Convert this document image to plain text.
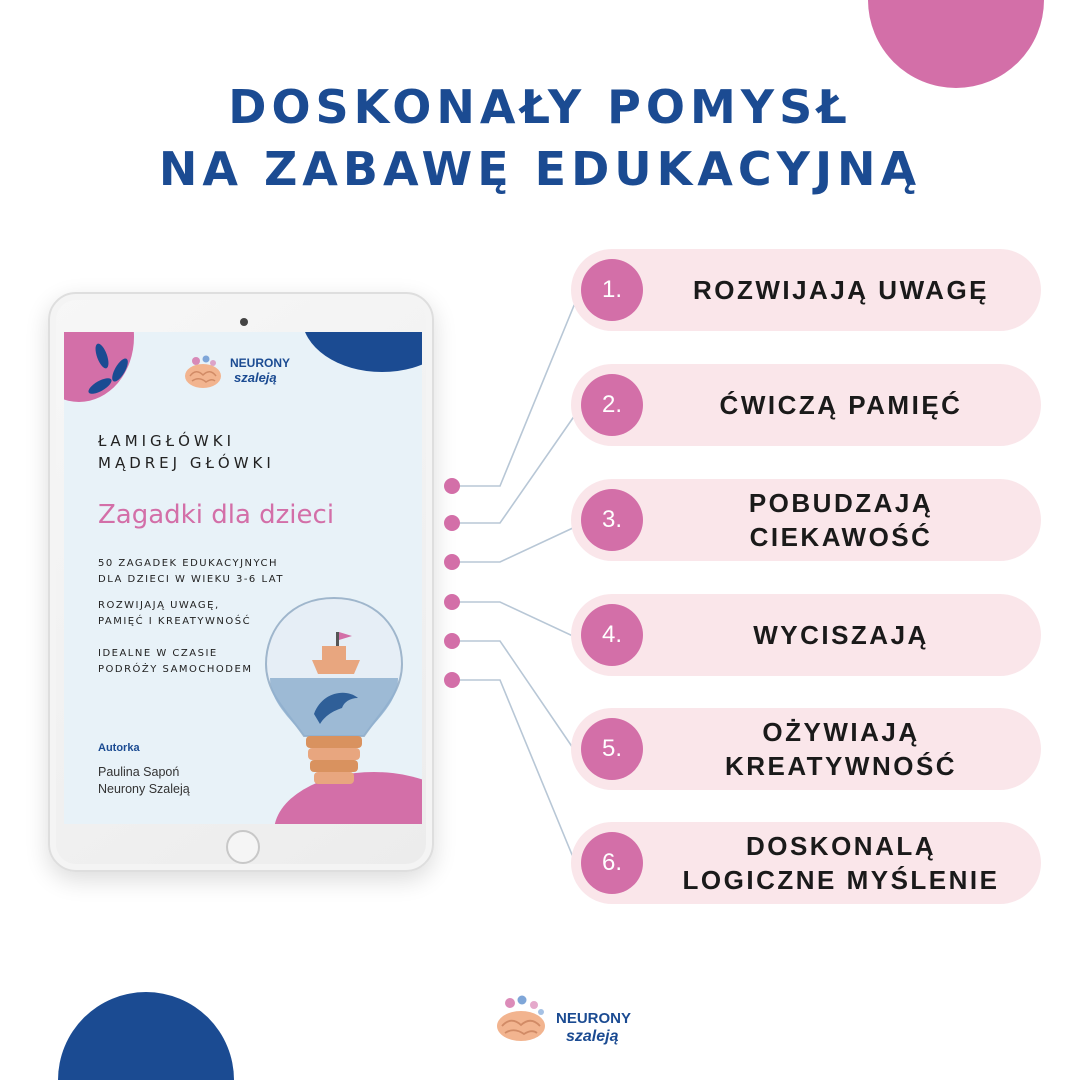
DOSKONAŁY POMYSŁ
NA ZABAWĘ EDUKACYJNĄ
NEURONY
szaleją
ŁAMIGŁÓWKI
MĄDREJ GŁÓWKI
Zagadki dla dzieci
50 ZAGADEK EDUKACYJNYCH
DLA DZIECI W WIEKU 3-6 LAT
ROZWIJAJĄ UWAGĘ,
PAMIĘĆ I KREATYWNOŚĆ
IDEALNE W CZASIE
PODRÓŻY SAMOCHODEM
Autorka
Paulina Sapoń
Neurony Szaleją
1.	ROZWIJAJĄ UWAGĘ
2.	ĆWICZĄ PAMIĘĆ
3.
POBUDZAJĄ
CIEKAWOŚĆ
4.	WYCISZAJĄ
5.
OŻYWIAJĄ
KREATYWNOŚĆ
6.
DOSKONALĄ
LOGICZNE MYŚLENIE
NEURONY
szaleją
